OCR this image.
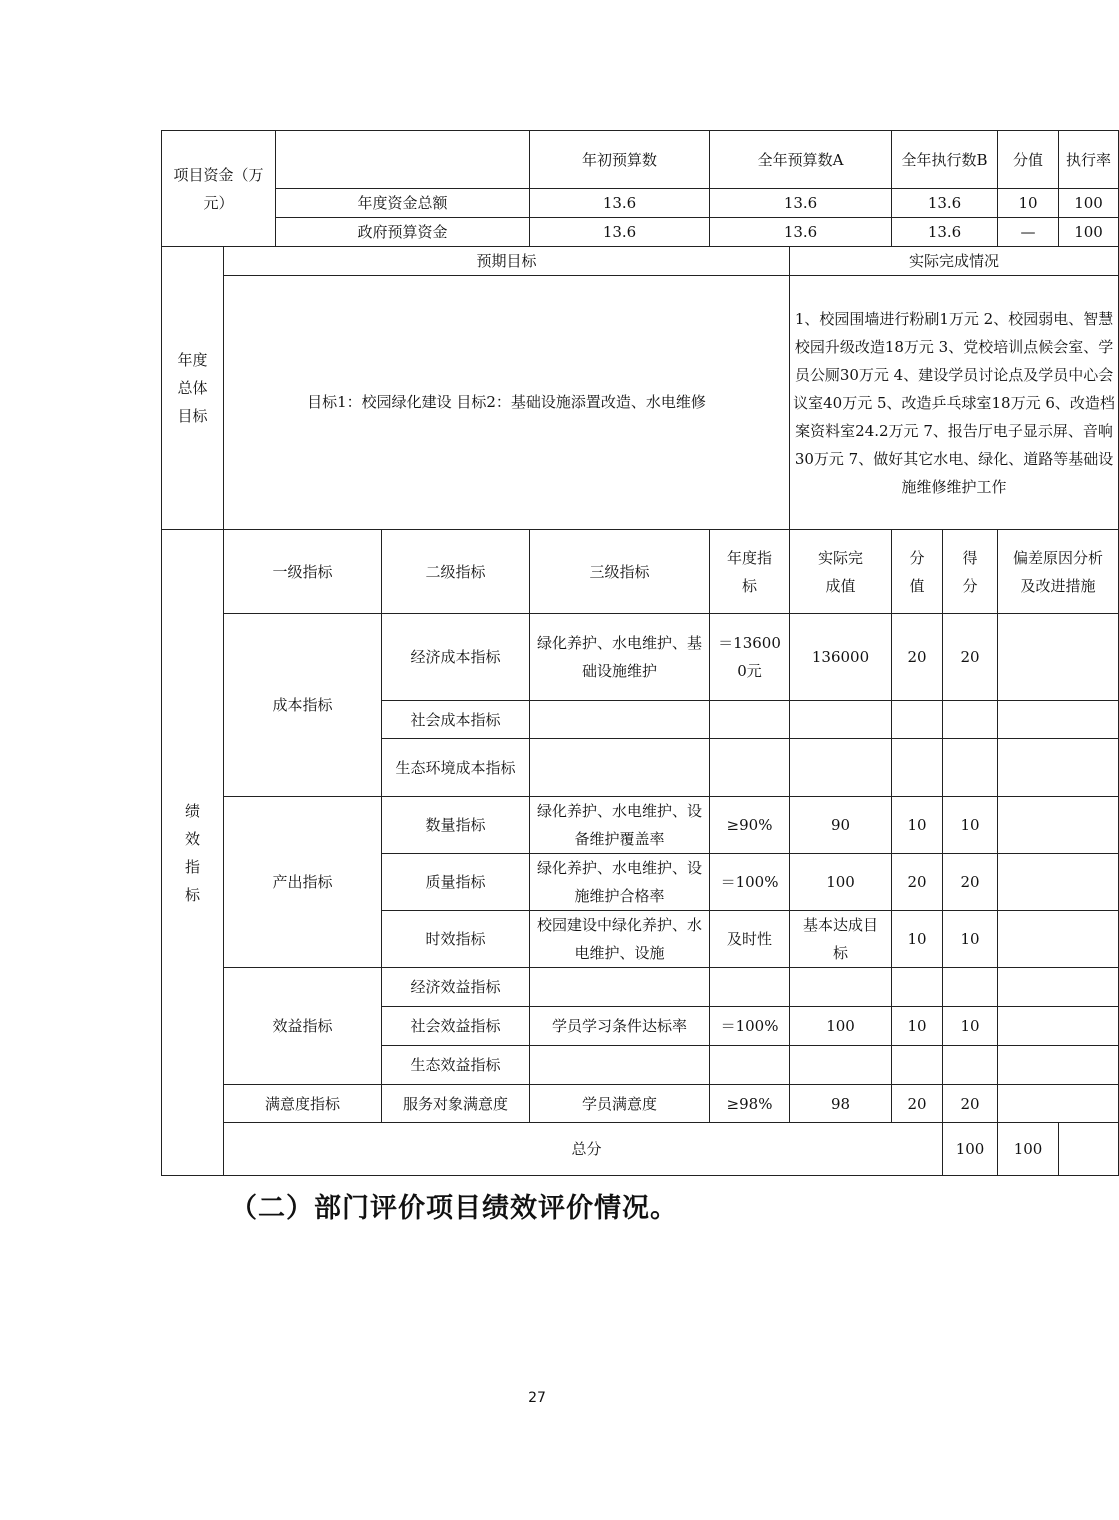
项目资金（万元）				年初预算数	全年预算数A		全年执行数B		分值	执行率	
		年度资金总额		13.6	13.6		13.6		10	100	
		政府预算资金		13.6	13.6		13.6		—	100	
年度总体目标	预期目标					实际完成情况					
	目标1：校园绿化建设 目标2：基础设施添置改造、水电维修					1、校园围墙进行粉刷1万元 2、校园弱电、智慧校园升级改造18万元 3、党校培训点候会室、学员公厕30万元 4、建设学员讨论点及学员中心会议室40万元 5、改造乒乓球室18万元 6、改造档案资料室24.2万元 7、报告厅电子显示屏、音响30万元 7、做好其它水电、绿化、道路等基础设施维修维护工作					
绩效指标	一级指标		二级指标	三级指标	年度指标	实际完成值	分值	得分	偏差原因分析及改进措施		
	成本指标		经济成本指标	绿化养护、水电维护、基础设施维护	＝136000元	136000	20	20			
			社会成本指标								
			生态环境成本指标								
	产出指标		数量指标	绿化养护、水电维护、设备维护覆盖率	≥90%	90	10	10			
			质量指标	绿化养护、水电维护、设施维护合格率	＝100%	100	20	20			
			时效指标	校园建设中绿化养护、水电维护、设施	及时性	基本达成目标	10	10			
	效益指标		经济效益指标								
			社会效益指标	学员学习条件达标率	＝100%	100	10	10			
			生态效益指标								
	满意度指标		服务对象满意度	学员满意度	≥98%	98	20	20			
	总分							100	100		
（二）部门评价项目绩效评价情况。
27
